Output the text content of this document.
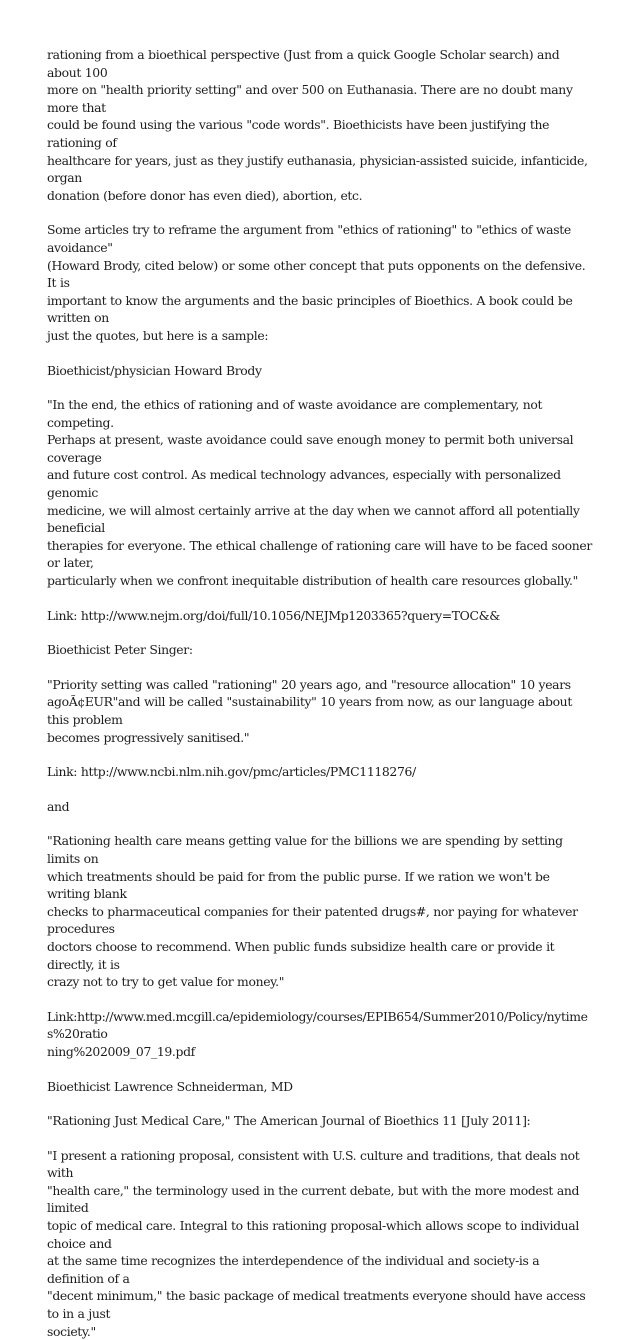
rationing from a bioethical perspective (Just from a quick Google Scholar search) and about 100
more on "health priority setting" and over 500 on Euthanasia. There are no doubt many more that
could be found using the various "code words". Bioethicists have been justifying the rationing of
healthcare for years, just as they justify euthanasia, physician-assisted suicide, infanticide, organ
donation (before donor has even died), abortion, etc.

Some articles try to reframe the argument from "ethics of rationing" to "ethics of waste avoidance"
(Howard Brody, cited below) or some other concept that puts opponents on the defensive. It is
important to know the arguments and the basic principles of Bioethics. A book could be written on
just the quotes, but here is a sample:

Bioethicist/physician Howard Brody

"In the end, the ethics of rationing and of waste avoidance are complementary, not competing.
Perhaps at present, waste avoidance could save enough money to permit both universal coverage
and future cost control. As medical technology advances, especially with personalized genomic
medicine, we will almost certainly arrive at the day when we cannot afford all potentially beneficial
therapies for everyone. The ethical challenge of rationing care will have to be faced sooner or later,
particularly when we confront inequitable distribution of health care resources globally."

Link: http://www.nejm.org/doi/full/10.1056/NEJMp1203365?query=TOC&&

Bioethicist Peter Singer:

"Priority setting was called "rationing" 20 years ago, and "resource allocation" 10 years
agoÃ¢EUR"and will be called "sustainability" 10 years from now, as our language about this problem
becomes progressively sanitised."

Link: http://www.ncbi.nlm.nih.gov/pmc/articles/PMC1118276/

and

"Rationing health care means getting value for the billions we are spending by setting limits on
which treatments should be paid for from the public purse. If we ration we won't be writing blank
checks to pharmaceutical companies for their patented drugs#, nor paying for whatever procedures
doctors choose to recommend. When public funds subsidize health care or provide it directly, it is
crazy not to try to get value for money."

Link:http://www.med.mcgill.ca/epidemiology/courses/EPIB654/Summer2010/Policy/nytimes%20ratio
ning%202009_07_19.pdf

Bioethicist Lawrence Schneiderman, MD

"Rationing Just Medical Care," The American Journal of Bioethics 11 [July 2011]:

"I present a rationing proposal, consistent with U.S. culture and traditions, that deals not with
"health care," the terminology used in the current debate, but with the more modest and limited
topic of medical care. Integral to this rationing proposal-which allows scope to individual choice and
at the same time recognizes the interdependence of the individual and society-is a definition of a
"decent minimum," the basic package of medical treatments everyone should have access to in a just
society."
